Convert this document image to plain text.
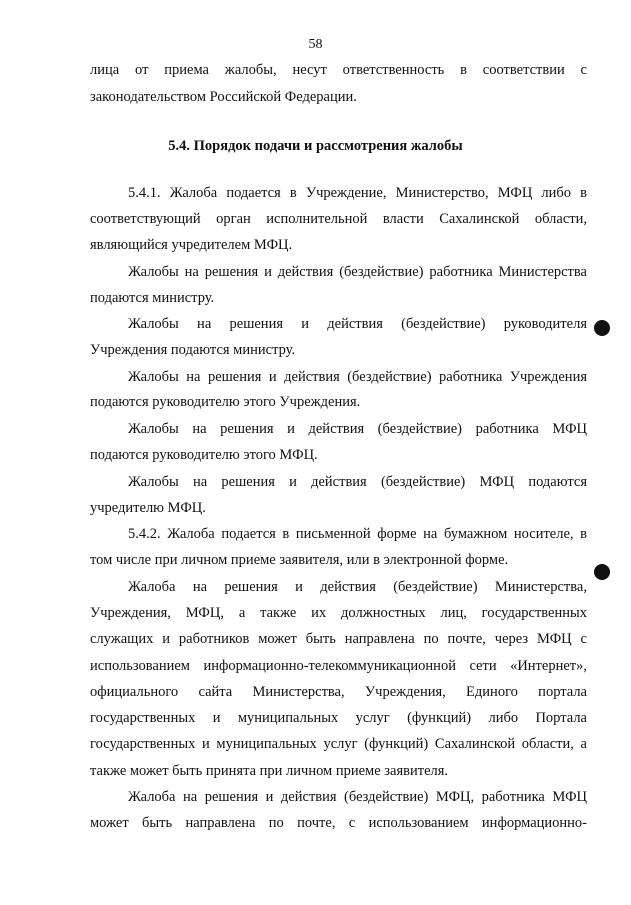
58
лица от приема жалобы, несут ответственность в соответствии с
законодательством Российской Федерации.
5.4. Порядок подачи и рассмотрения жалобы
5.4.1. Жалоба подается в Учреждение, Министерство, МФЦ либо в
соответствующий орган исполнительной власти Сахалинской области,
являющийся учредителем МФЦ.
Жалобы на решения и действия (бездействие) работника Министерства
подаются министру.
Жалобы на решения и действия (бездействие) руководителя
Учреждения подаются министру.
Жалобы на решения и действия (бездействие) работника Учреждения
подаются руководителю этого Учреждения.
Жалобы на решения и действия (бездействие) работника МФЦ
подаются руководителю этого МФЦ.
Жалобы на решения и действия (бездействие) МФЦ подаются
учредителю МФЦ.
5.4.2. Жалоба подается в письменной форме на бумажном носителе, в
том числе при личном приеме заявителя, или в электронной форме.
Жалоба на решения и действия (бездействие) Министерства,
Учреждения, МФЦ, а также их должностных лиц, государственных
служащих и работников может быть направлена по почте, через МФЦ с
использованием информационно-телекоммуникационной сети «Интернет»,
официального сайта Министерства, Учреждения, Единого портала
государственных и муниципальных услуг (функций) либо Портала
государственных и муниципальных услуг (функций) Сахалинской области, а
также может быть принята при личном приеме заявителя.
Жалоба на решения и действия (бездействие) МФЦ, работника МФЦ
может быть направлена по почте, с использованием информационно-
